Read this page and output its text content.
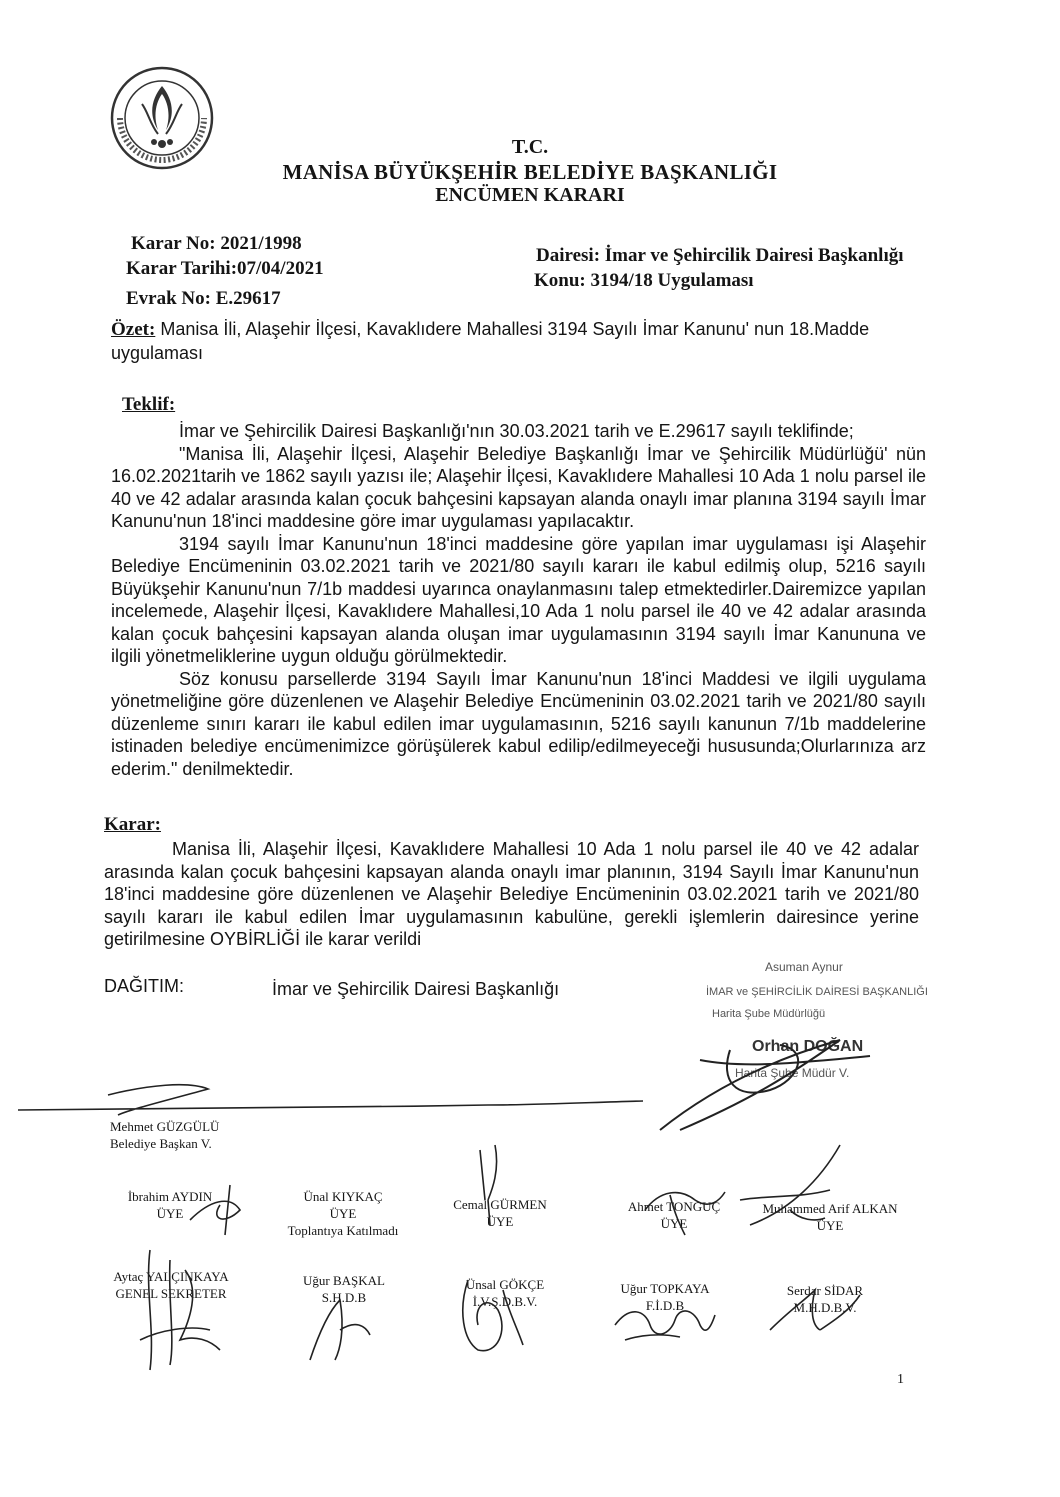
T.C.
MANİSA BÜYÜKŞEHİR BELEDİYE BAŞKANLIĞI
ENCÜMEN KARARI
Karar No: 2021/1998
Karar Tarihi:07/04/2021
Evrak No: E.29617
Dairesi: İmar ve Şehircilik Dairesi Başkanlığı
Konu: 3194/18 Uygulaması
Özet: Manisa İli, Alaşehir İlçesi, Kavaklıdere Mahallesi 3194 Sayılı İmar Kanunu' nun 18.Madde uygulaması
Teklif:

İmar ve Şehircilik Dairesi Başkanlığı'nın 30.03.2021 tarih ve E.29617 sayılı teklifinde;

"Manisa İli, Alaşehir İlçesi, Alaşehir Belediye Başkanlığı İmar ve Şehircilik Müdürlüğü' nün 16.02.2021tarih ve 1862 sayılı yazısı ile; Alaşehir İlçesi, Kavaklıdere Mahallesi 10 Ada 1 nolu parsel ile 40 ve 42 adalar arasında kalan çocuk bahçesini kapsayan alanda onaylı imar planına 3194 sayılı İmar Kanunu'nun 18'inci maddesine göre imar uygulaması yapılacaktır.

3194 sayılı İmar Kanunu'nun 18'inci maddesine göre yapılan imar uygulaması işi Alaşehir Belediye Encümeninin 03.02.2021 tarih ve 2021/80 sayılı kararı ile kabul edilmiş olup, 5216 sayılı Büyükşehir Kanunu'nun 7/1b maddesi uyarınca onaylanmasını talep etmektedirler.Dairemizce yapılan incelemede, Alaşehir İlçesi, Kavaklıdere Mahallesi,10 Ada 1 nolu parsel ile 40 ve 42 adalar arasında kalan çocuk bahçesini kapsayan alanda oluşan imar uygulamasının 3194 sayılı İmar Kanununa ve ilgili yönetmeliklerine uygun olduğu görülmektedir.

Söz konusu parsellerde 3194 Sayılı İmar Kanunu'nun 18'inci Maddesi ve ilgili uygulama yönetmeliğine göre düzenlenen ve Alaşehir Belediye Encümeninin 03.02.2021 tarih ve 2021/80 sayılı düzenleme sınırı kararı ile kabul edilen imar uygulamasının, 5216 sayılı kanunun 7/1b maddelerine istinaden belediye encümenimizce görüşülerek kabul edilip/edilmeyeceği hususunda;Olurlarınıza arz ederim." denilmektedir.

Karar:

Manisa İli, Alaşehir İlçesi, Kavaklıdere Mahallesi 10 Ada 1 nolu parsel ile 40 ve 42 adalar arasında kalan çocuk bahçesini kapsayan alanda onaylı imar planının, 3194 Sayılı İmar Kanunu'nun 18'inci maddesine göre düzenlenen ve Alaşehir Belediye Encümeninin 03.02.2021 tarih ve 2021/80 sayılı kararı ile kabul edilen İmar uygulamasının kabulüne, gerekli işlemlerin dairesince yerine getirilmesine OYBİRLİĞİ ile karar verildi

DAĞITIM:	İmar ve Şehircilik Dairesi Başkanlığı
Asuman Aynur
İMAR ve ŞEHİRCİLİK DAİRESİ BAŞKANLIĞI
Harita Şube Müdürlüğü
Orhan DOĞAN
Harita Şube Müdür V.
Mehmet GÜZGÜLÜ
Belediye Başkan V.
İbrahim AYDIN
ÜYE
Ünal KIYKAÇ
ÜYE
Toplantıya Katılmadı
Cemal GÜRMEN
ÜYE
Ahmet TONGUÇ
ÜYE
Muhammed Arif ALKAN
ÜYE
Aytaç YALÇINKAYA
GENEL SEKRETER
Uğur BAŞKAL
S.H.D.B
Ünsal GÖKÇE
İ.V.Ş.D.B.V.
Uğur TOPKAYA
F.İ.D.B
Serdar SİDAR
M.H.D.B.V.
1
